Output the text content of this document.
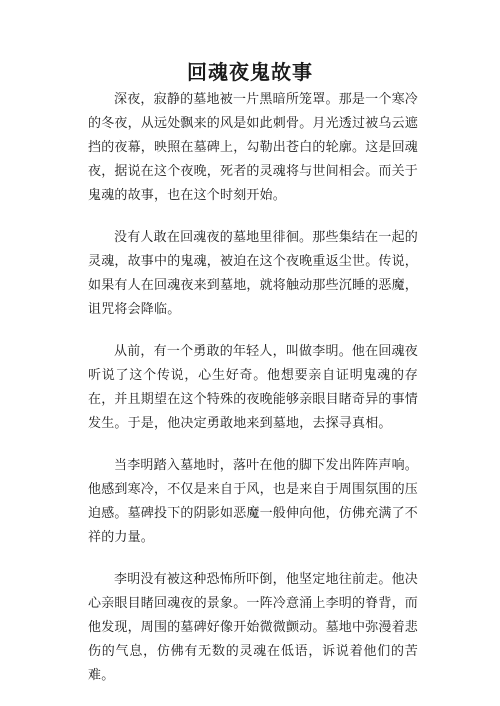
回魂夜鬼故事

深夜，寂静的墓地被一片黑暗所笼罩。那是一个寒冷的冬夜，从远处飘来的风是如此刺骨。月光透过被乌云遮挡的夜幕，映照在墓碑上，勾勒出苍白的轮廓。这是回魂夜，据说在这个夜晚，死者的灵魂将与世间相会。而关于鬼魂的故事，也在这个时刻开始。

没有人敢在回魂夜的墓地里徘徊。那些集结在一起的灵魂，故事中的鬼魂，被迫在这个夜晚重返尘世。传说，如果有人在回魂夜来到墓地，就将触动那些沉睡的恶魔，诅咒将会降临。

从前，有一个勇敢的年轻人，叫做李明。他在回魂夜听说了这个传说，心生好奇。他想要亲自证明鬼魂的存在，并且期望在这个特殊的夜晚能够亲眼目睹奇异的事情发生。于是，他决定勇敢地来到墓地，去探寻真相。

当李明踏入墓地时，落叶在他的脚下发出阵阵声响。他感到寒冷，不仅是来自于风，也是来自于周围氛围的压迫感。墓碑投下的阴影如恶魔一般伸向他，仿佛充满了不祥的力量。

李明没有被这种恐怖所吓倒，他坚定地往前走。他决心亲眼目睹回魂夜的景象。一阵冷意涌上李明的脊背，而他发现，周围的墓碑好像开始微微颤动。墓地中弥漫着悲伤的气息，仿佛有无数的灵魂在低语，诉说着他们的苦难。
